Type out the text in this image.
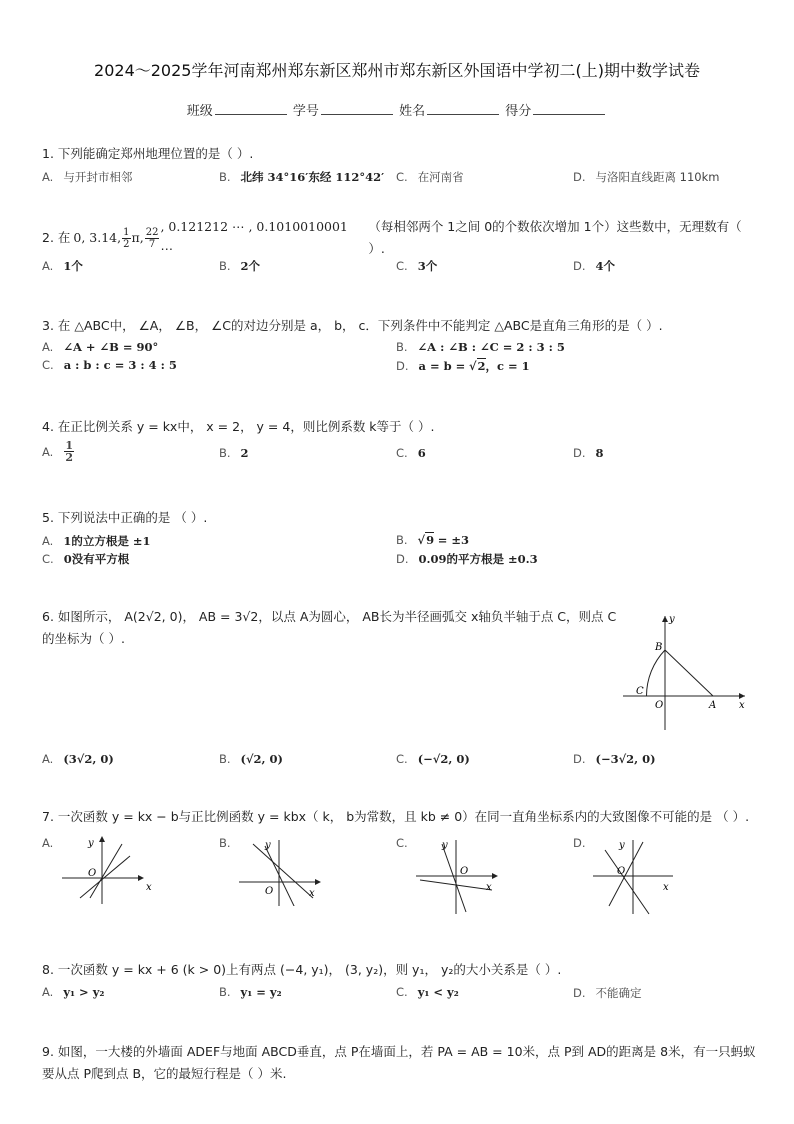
2024～2025学年河南郑州郑东新区郑州市郑东新区外国语中学初二(上)期中数学试卷
班级	学号	姓名	得分
1. 下列能确定郑州地理位置的是（ ）.
A. 与开封市相邻	B. 北纬 34°16′东经 112°42′ C. 在河南省	D. 与洛阳直线距离 110km
2. 在 0, 3.14, $\frac{1}{2} \pi$, $\frac{22}{7}$ , 0.121212 ⋯ , 0.1010010001 ⋯
（每相邻两个 1之间 0的个数依次增加 1个）这些数中，无理数有（ ）.
A. 1个	B. 2个	C. 3个	D. 4个
3. 在 △ABC中， ∠A， ∠B， ∠C的对边分别是 a， b， c．下列条件中不能判定 △ABC是直角三角形的是（ ）.
A. ∠A + ∠B = 90°	B. ∠A : ∠B : ∠C = 2 : 3 : 5
C. a : b : c = 3 : 4 : 5	D. a = b = √2，c = 1
4. 在正比例关系 y = kx中， x = 2， y = 4，则比例系数 k等于（ ）.
A. $\frac{1}{2}$	B. 2	C. 6	D. 8
5. 下列说法中正确的是 （ ）.
A. 1的立方根是 ±1	B. √9 = ±3
C. 0没有平方根	D. 0.09的平方根是 ±0.3
6. 如图所示， A(2√2, 0)， AB = 3√2，以点 A为圆心， AB长为半径画弧交 x轴负半轴于点 C，则点 C
的坐标为（ ）.
y
x
O	A
B
C
A. (3√2, 0)	B. (√2, 0)	C. (−√2, 0)	D. (−3√2, 0)
7. 一次函数 y = kx − b与正比例函数 y = kbx（ k， b为常数，且 kb ≠ 0）在同一直角坐标系内的大致图像不可能的是 （ ）.
A.	y
x
O
B.	y
x
O
C.	y
x
O
D.	y
x
O
8. 一次函数 y = kx + 6 (k > 0)上有两点 (−4, y₁)， (3, y₂)，则 y₁， y₂的大小关系是（ ）.
A. y₁ > y₂	B. y₁ = y₂	C. y₁ < y₂	D. 不能确定
9. 如图，一大楼的外墙面 ADEF与地面 ABCD垂直，点 P在墙面上，若 PA = AB = 10米，点 P到 AD的距离是 8米，有一只蚂蚁
要从点 P爬到点 B，它的最短行程是（ ）米.
